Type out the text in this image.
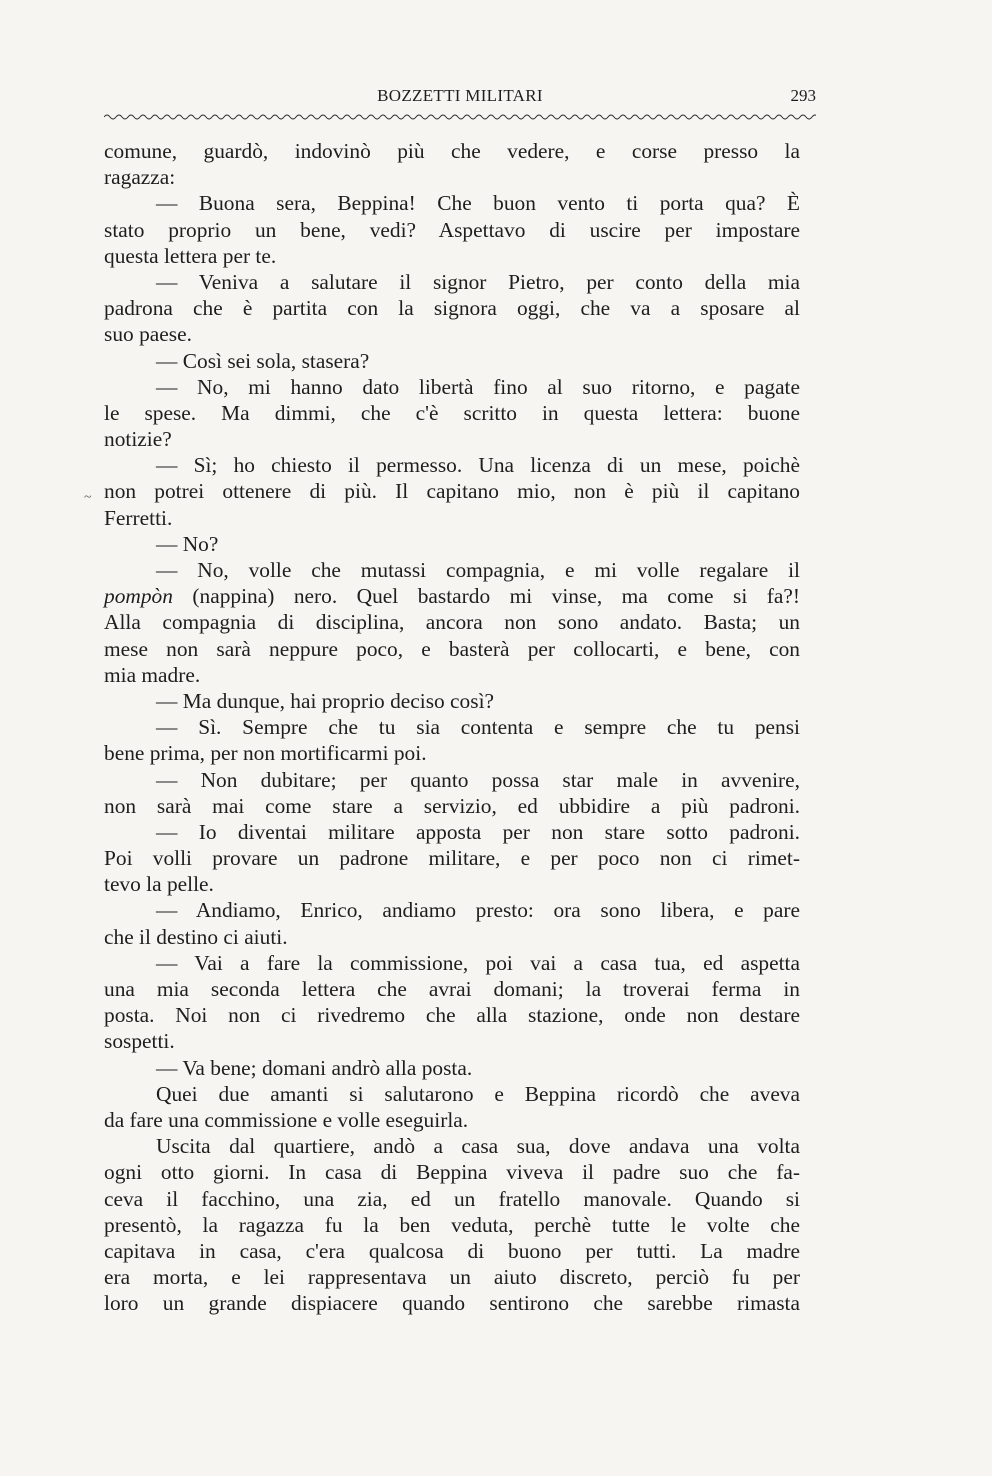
BOZZETTI MILITARI	293
~
comune, guardò, indovinò più che vedere, e corse presso la
ragazza:
— Buona sera, Beppina! Che buon vento ti porta qua? È
stato proprio un bene, vedi? Aspettavo di uscire per impostare
questa lettera per te.
— Veniva a salutare il signor Pietro, per conto della mia
padrona che è partita con la signora oggi, che va a sposare al
suo paese.
— Così sei sola, stasera?
— No, mi hanno dato libertà fino al suo ritorno, e pagate
le spese. Ma dimmi, che c'è scritto in questa lettera: buone
notizie?
— Sì; ho chiesto il permesso. Una licenza di un mese, poichè
non potrei ottenere di più. Il capitano mio, non è più il capitano
Ferretti.
— No?
— No, volle che mutassi compagnia, e mi volle regalare il
pompòn (nappina) nero. Quel bastardo mi vinse, ma come si fa?!
Alla compagnia di disciplina, ancora non sono andato. Basta; un
mese non sarà neppure poco, e basterà per collocarti, e bene, con
mia madre.
— Ma dunque, hai proprio deciso così?
— Sì. Sempre che tu sia contenta e sempre che tu pensi
bene prima, per non mortificarmi poi.
— Non dubitare; per quanto possa star male in avvenire,
non sarà mai come stare a servizio, ed ubbidire a più padroni.
— Io diventai militare apposta per non stare sotto padroni.
Poi volli provare un padrone militare, e per poco non ci rimet-
tevo la pelle.
— Andiamo, Enrico, andiamo presto: ora sono libera, e pare
che il destino ci aiuti.
— Vai a fare la commissione, poi vai a casa tua, ed aspetta
una mia seconda lettera che avrai domani; la troverai ferma in
posta. Noi non ci rivedremo che alla stazione, onde non destare
sospetti.
— Va bene; domani andrò alla posta.
Quei due amanti si salutarono e Beppina ricordò che aveva
da fare una commissione e volle eseguirla.
Uscita dal quartiere, andò a casa sua, dove andava una volta
ogni otto giorni. In casa di Beppina viveva il padre suo che fa-
ceva il facchino, una zia, ed un fratello manovale. Quando si
presentò, la ragazza fu la ben veduta, perchè tutte le volte che
capitava in casa, c'era qualcosa di buono per tutti. La madre
era morta, e lei rappresentava un aiuto discreto, perciò fu per
loro un grande dispiacere quando sentirono che sarebbe rimasta
